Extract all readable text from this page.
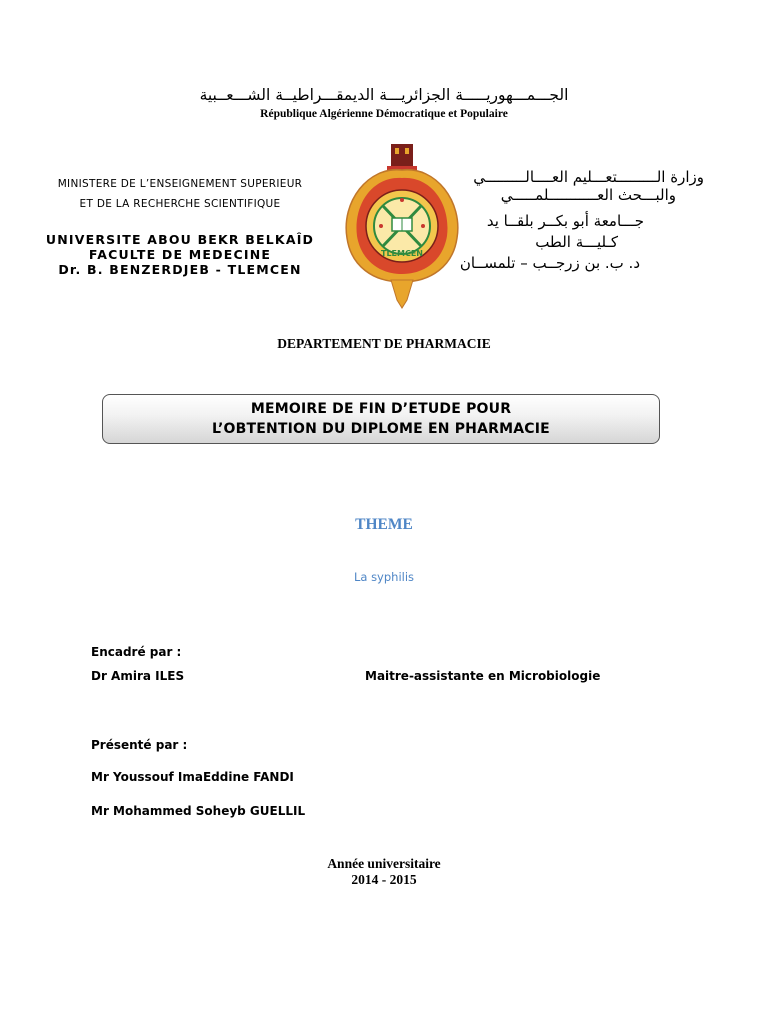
الجـــمـــهوريـــــة الجزائريـــة الديمقـــراطيــة الشـــعــبية
République Algérienne Démocratique et Populaire
MINISTERE DE L’ENSEIGNEMENT SUPERIEUR
ET DE LA RECHERCHE SCIENTIFIQUE
UNIVERSITE ABOU BEKR BELKAÎD
FACULTE DE MEDECINE
Dr. B. BENZERDJEB - TLEMCEN
TLEMCEN
وزارة الـــــــــتعـــليم العــــالـــــــــي
والبـــحث العـــــــــــلمـــــي
جـــامعة أبو بكــر بلقــا يد
كـليـــة الطب
د. ب. بن زرجــب – تلمســان
DEPARTEMENT DE PHARMACIE
MEMOIRE DE FIN D’ETUDE POUR
L’OBTENTION DU DIPLOME EN PHARMACIE
THEME
La syphilis
Encadré par :
Dr Amira ILES	Maitre-assistante en Microbiologie
Présenté par :
Mr Youssouf ImaEddine FANDI
Mr Mohammed Soheyb GUELLIL
Année universitaire
2014 - 2015
